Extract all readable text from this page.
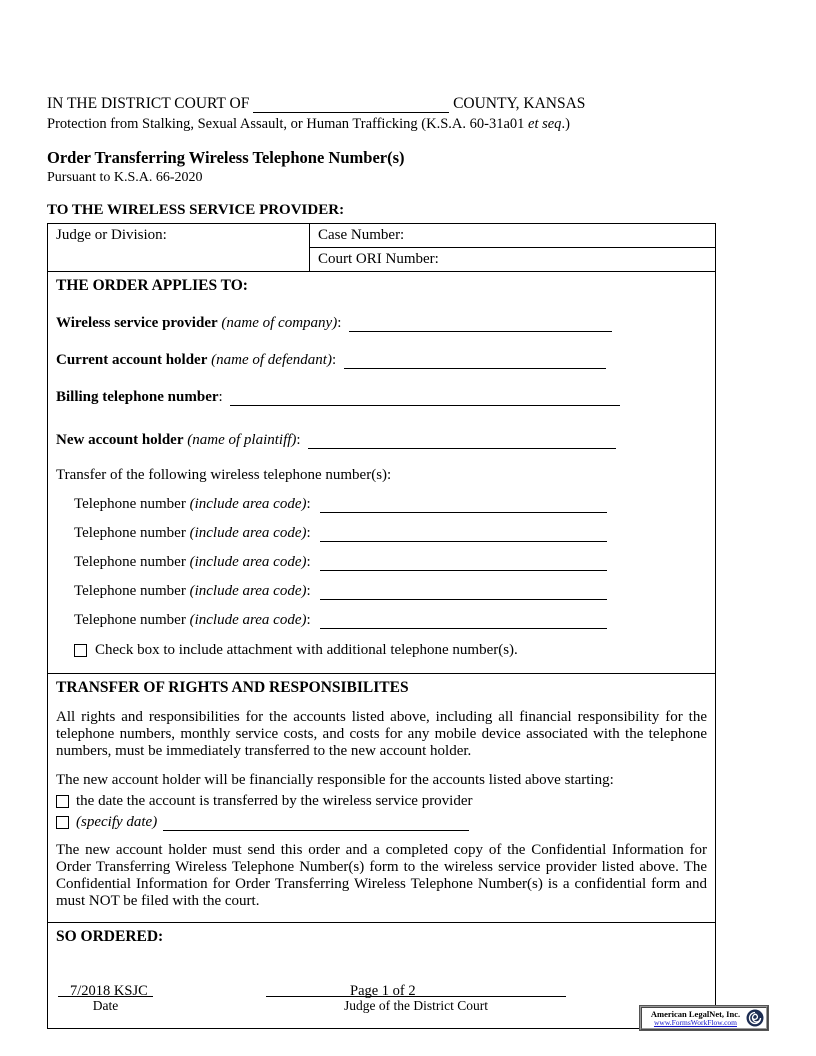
IN THE DISTRICT COURT OF	COUNTY, KANSAS
Protection from Stalking, Sexual Assault, or Human Trafficking (K.S.A. 60-31a01 et seq.)
Order Transferring Wireless Telephone Number(s)
Pursuant to K.S.A. 66-2020
TO THE WIRELESS SERVICE PROVIDER:
Judge or Division:	Case Number:
Court ORI Number:
THE ORDER APPLIES TO:
Wireless service provider (name of company):
Current account holder (name of defendant):
Billing telephone number:
New account holder (name of plaintiff):
Transfer of the following wireless telephone number(s):
Telephone number (include area code):
Telephone number (include area code):
Telephone number (include area code):
Telephone number (include area code):
Telephone number (include area code):
Check box to include attachment with additional telephone number(s).
TRANSFER OF RIGHTS AND RESPONSIBILITES
All rights and responsibilities for the accounts listed above, including all financial responsibility for the telephone numbers, monthly service costs, and costs for any mobile device associated with the telephone numbers, must be immediately transferred to the new account holder.
The new account holder will be financially responsible for the accounts listed above starting:
the date the account is transferred by the wireless service provider
(specify date)
The new account holder must send this order and a completed copy of the Confidential Information for Order Transferring Wireless Telephone Number(s) form to the wireless service provider listed above. The Confidential Information for Order Transferring Wireless Telephone Number(s) is a confidential form and must NOT be filed with the court.
SO ORDERED:
Date	Judge of the District Court
7/2018 KSJC	Page 1 of 2
American LegalNet, Inc.
www.FormsWorkFlow.com
